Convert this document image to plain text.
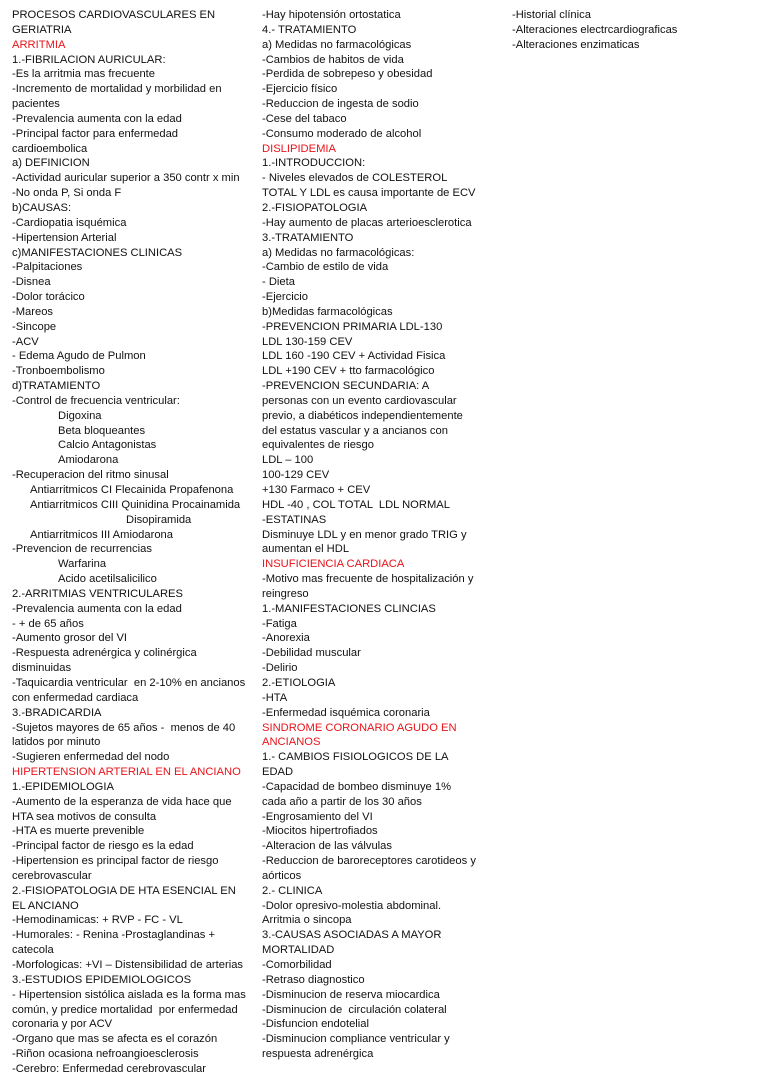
PROCESOS CARDIOVASCULARES EN GERIATRIA
ARRITMIA
1.-FIBRILACION AURICULAR:
-Es la arritmia mas frecuente
-Incremento de mortalidad y morbilidad en pacientes
-Prevalencia aumenta con la edad
-Principal factor para enfermedad cardioembolica
a) DEFINICION
-Actividad auricular superior a 350 contr x min
-No onda P, Si onda F
b)CAUSAS:
-Cardiopatia isquémica
-Hipertension Arterial
c)MANIFESTACIONES CLINICAS
-Palpitaciones
-Disnea
-Dolor torácico
-Mareos
-Sincope
-ACV
- Edema Agudo de Pulmon
-Tronboembolismo
d)TRATAMIENTO
-Control de frecuencia ventricular:
Digoxina
Beta bloqueantes
Calcio Antagonistas
Amiodarona
-Recuperacion del ritmo sinusal
Antiarritmicos CI Flecainida Propafenona
Antiarritmicos CIII Quinidina Procainamida
Disopiramida
Antiarritmicos III Amiodarona
-Prevencion de recurrencias
Warfarina
Acido acetilsalicilico
2.-ARRITMIAS VENTRICULARES
-Prevalencia aumenta con la edad
- + de 65 años
-Aumento grosor del VI
-Respuesta adrenérgica y colinérgica disminuidas
-Taquicardia ventricular  en 2-10% en ancianos con enfermedad cardiaca
3.-BRADICARDIA
-Sujetos mayores de 65 años -  menos de 40 latidos por minuto
-Sugieren enfermedad del nodo
HIPERTENSION ARTERIAL EN EL ANCIANO
1.-EPIDEMIOLOGIA
-Aumento de la esperanza de vida hace que HTA sea motivos de consulta
-HTA es muerte prevenible
-Principal factor de riesgo es la edad
-Hipertension es principal factor de riesgo cerebrovascular
2.-FISIOPATOLOGIA DE HTA ESENCIAL EN EL ANCIANO
-Hemodinamicas: + RVP - FC - VL
-Humorales: - Renina -Prostaglandinas + catecola
-Morfologicas: +VI – Distensibilidad de arterias
3.-ESTUDIOS EPIDEMIOLOGICOS
- Hipertension sistólica aislada es la forma mas común, y predice mortalidad  por enfermedad coronaria y por ACV
-Organo que mas se afecta es el corazón
-Riñon ocasiona nefroangioesclerosis
-Cerebro: Enfermedad cerebrovascular
-Hay hipotensión ortostatica
4.- TRATAMIENTO
a) Medidas no farmacológicas
-Cambios de habitos de vida
-Perdida de sobrepeso y obesidad
-Ejercicio físico
-Reduccion de ingesta de sodio
-Cese del tabaco
-Consumo moderado de alcohol
DISLIPIDEMIA
1.-INTRODUCCION:
- Niveles elevados de COLESTEROL TOTAL Y LDL es causa importante de ECV
2.-FISIOPATOLOGIA
-Hay aumento de placas arterioesclerotica
3.-TRATAMIENTO
a) Medidas no farmacológicas:
-Cambio de estilo de vida
- Dieta
-Ejercicio
b)Medidas farmacológicas
-PREVENCION PRIMARIA LDL-130
LDL 130-159 CEV
LDL 160 -190 CEV + Actividad Fisica
LDL +190 CEV + tto farmacológico
-PREVENCION SECUNDARIA: A personas con un evento cardiovascular previo, a diabéticos independientemente del estatus vascular y a ancianos con equivalentes de riesgo
LDL – 100
100-129 CEV
+130 Farmaco + CEV
HDL -40 , COL TOTAL  LDL NORMAL
-ESTATINAS
Disminuye LDL y en menor grado TRIG y aumentan el HDL
INSUFICIENCIA CARDIACA
-Motivo mas frecuente de hospitalización y reingreso
1.-MANIFESTACIONES CLINCIAS
-Fatiga
-Anorexia
-Debilidad muscular
-Delirio
2.-ETIOLOGIA
-HTA
-Enfermedad isquémica coronaria
SINDROME CORONARIO AGUDO EN ANCIANOS
1.- CAMBIOS FISIOLOGICOS DE LA EDAD
-Capacidad de bombeo disminuye 1% cada año a partir de los 30 años
-Engrosamiento del VI
-Miocitos hipertrofiados
-Alteracion de las válvulas
-Reduccion de baroreceptores carotideos y aórticos
2.- CLINICA
-Dolor opresivo-molestia abdominal. Arritmia o sincopa
3.-CAUSAS ASOCIADAS A MAYOR MORTALIDAD
-Comorbilidad
-Retraso diagnostico
-Disminucion de reserva miocardica
-Disminucion de  circulación colateral
-Disfuncion endotelial
-Disminucion compliance ventricular y respuesta adrenérgica
-Historial clínica
-Alteraciones electrcardiograficas
-Alteraciones enzimaticas
